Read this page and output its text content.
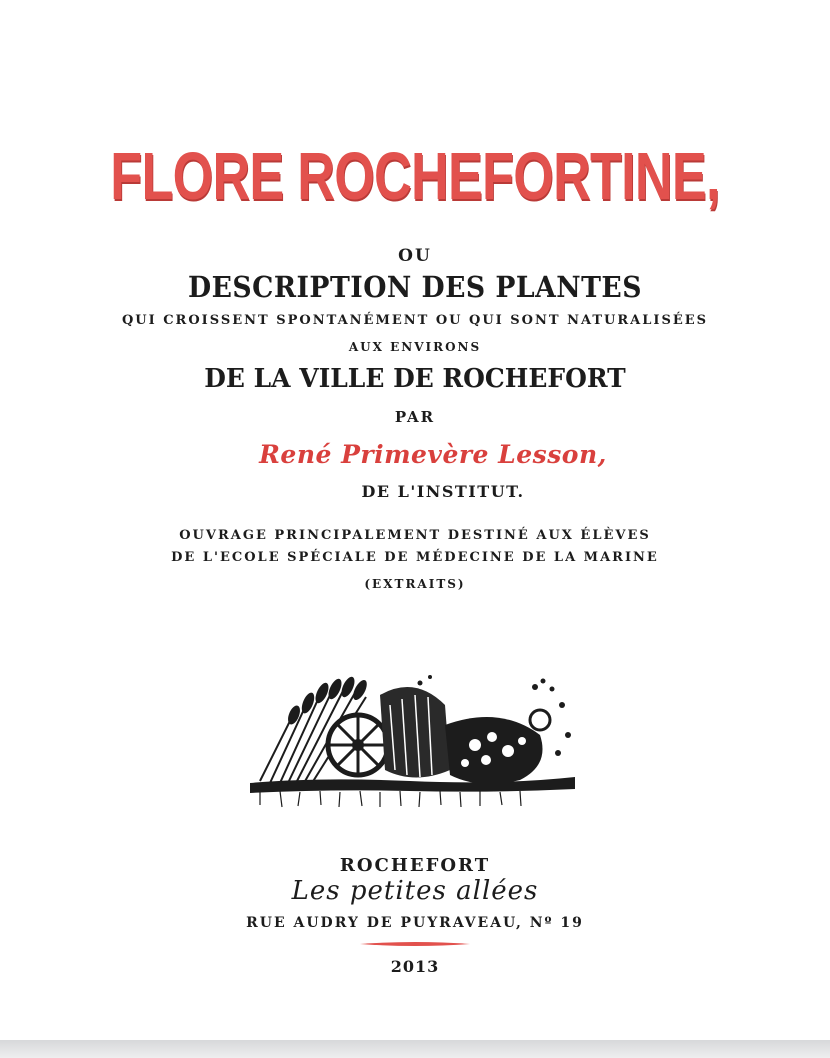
FLORE ROCHEFORTINE,
OU
DESCRIPTION DES PLANTES
QUI CROISSENT SPONTANÉMENT OU QUI SONT NATURALISÉES
AUX ENVIRONS
DE LA VILLE DE ROCHEFORT
PAR
René Primevère Lesson,
DE L'INSTITUT.
OUVRAGE PRINCIPALEMENT DESTINÉ AUX ÉLÈVES
DE L'ECOLE SPÉCIALE DE MÉDECINE DE LA MARINE
(EXTRAITS)
ROCHEFORT
Les petites allées
RUE AUDRY DE PUYRAVEAU, Nº 19
2013
